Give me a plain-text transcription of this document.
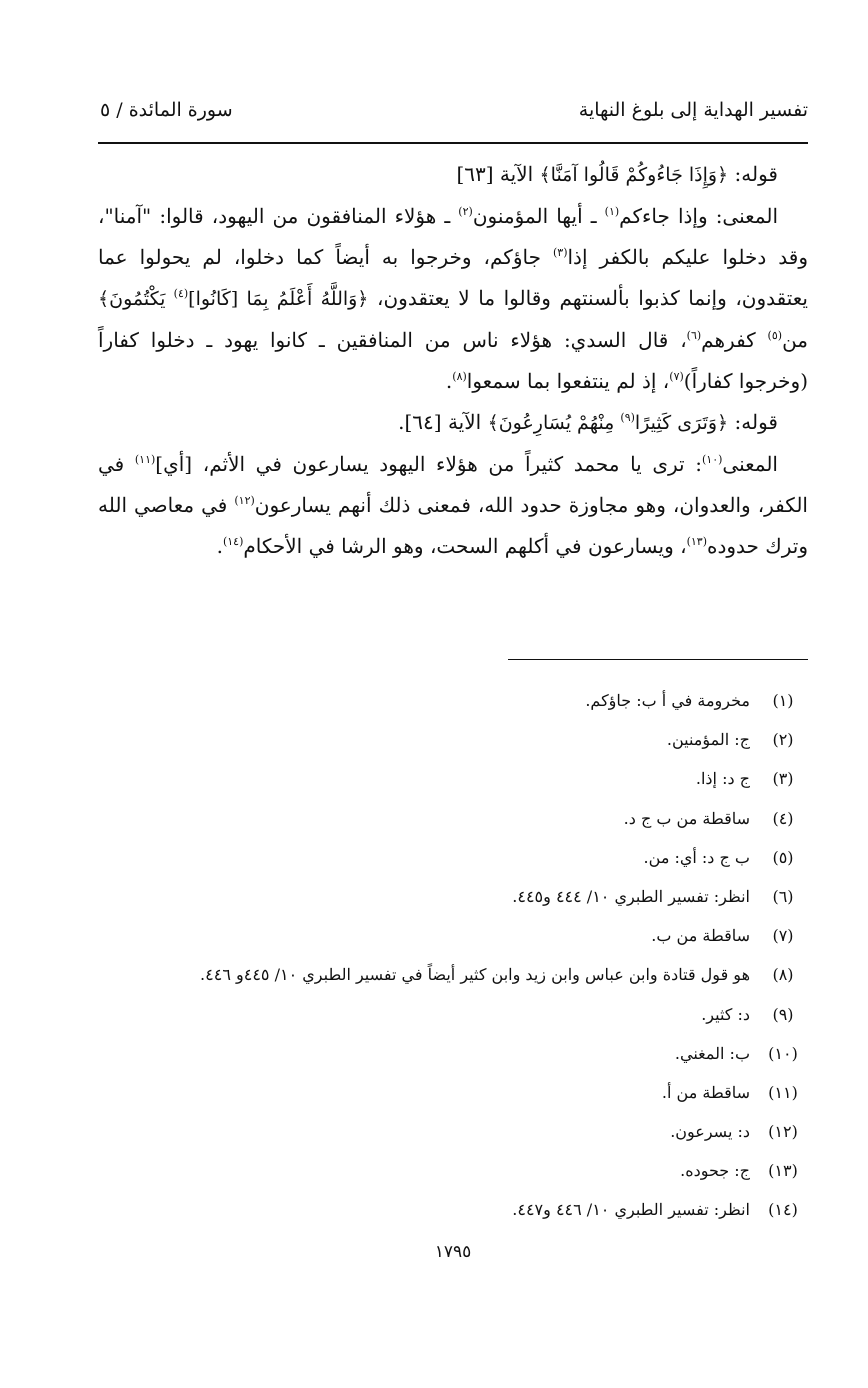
تفسير الهداية إلى بلوغ النهاية
سورة المائدة / ٥
قوله: ﴿وَإِذَا جَاءُوكُمْ قَالُوا آمَنَّا﴾ الآية [٦٣]

المعنى: وإذا جاءكم$^{(١)}$ ـ أيها المؤمنون$^{(٢)}$ ـ هؤلاء المنافقون من اليهود، قالوا: "آمنا"، وقد دخلوا عليكم بالكفر إذا$^{(٣)}$ جاؤكم، وخرجوا به أيضاً كما دخلوا، لم يحولوا عما يعتقدون، وإنما كذبوا بألسنتهم وقالوا ما لا يعتقدون، ﴿وَاللَّهُ أَعْلَمُ بِمَا [كَانُوا]$^{(٤)}$ يَكْتُمُونَ﴾ من$^{(٥)}$ كفرهم$^{(٦)}$، قال السدي: هؤلاء ناس من المنافقين ـ كانوا يهود ـ دخلوا كفاراً (وخرجوا كفاراً)$^{(٧)}$، إذ لم ينتفعوا بما سمعوا$^{(٨)}$.

قوله: ﴿وَتَرَى كَثِيرًا$^{(٩)}$ مِنْهُمْ يُسَارِعُونَ﴾ الآية [٦٤].

المعنى$^{(١٠)}$: ترى يا محمد كثيراً من هؤلاء اليهود يسارعون في الأثم، [أي]$^{(١١)}$ في الكفر، والعدوان، وهو مجاوزة حدود الله، فمعنى ذلك أنهم يسارعون$^{(١٢)}$ في معاصي الله وترك حدوده$^{(١٣)}$، ويسارعون في أكلهم السحت، وهو الرشا في الأحكام$^{(١٤)}$.

(١)مخرومة في أ ب: جاؤكم.
(٢)ج: المؤمنين.
(٣)ج د: إذا.
(٤)ساقطة من ب ج د.
(٥)ب ج د: أي: من.
(٦)انظر: تفسير الطبري ١٠/ ٤٤٤ و٤٤٥.
(٧)ساقطة من ب.
(٨)هو قول قتادة وابن عباس وابن زيد وابن كثير أيضاً في تفسير الطبري ١٠/ ٤٤٥و ٤٤٦.
(٩)د: كثير.
(١٠)ب: المغني.
(١١)ساقطة من أ.
(١٢)د: يسرعون.
(١٣)ج: جحوده.
(١٤)انظر: تفسير الطبري ١٠/ ٤٤٦ و٤٤٧.
١٧٩٥
